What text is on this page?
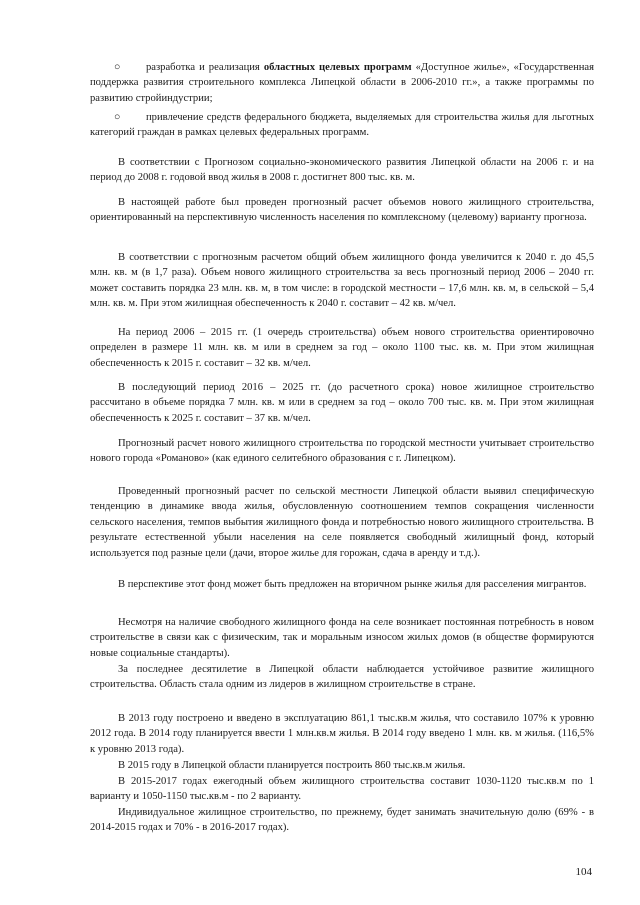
○ разработка и реализация областных целевых программ «Доступное жилье», «Государственная поддержка развития строительного комплекса Липецкой области в 2006-2010 гг.», а также программы по развитию стройиндустрии;

○ привлечение средств федерального бюджета, выделяемых для строительства жилья для льготных категорий граждан в рамках целевых федеральных программ.

В соответствии с Прогнозом социально-экономического развития Липецкой области на 2006 г. и на период до 2008 г. годовой ввод жилья в 2008 г. достигнет 800 тыс. кв. м.

В настоящей работе был проведен прогнозный расчет объемов нового жилищного строительства, ориентированный на перспективную численность населения по комплексному (целевому) варианту прогноза.

В соответствии с прогнозным расчетом общий объем жилищного фонда увеличится к 2040 г. до 45,5 млн. кв. м (в 1,7 раза). Объем нового жилищного строительства за весь прогнозный период 2006 – 2040 гг. может составить порядка 23 млн. кв. м, в том числе: в городской местности – 17,6 млн. кв. м, в сельской – 5,4 млн. кв. м. При этом жилищная обеспеченность к 2040 г. составит – 42 кв. м/чел.

На период 2006 – 2015 гг. (1 очередь строительства) объем нового строительства ориентировочно определен в размере 11 млн. кв. м или в среднем за год – около 1100 тыс. кв. м. При этом жилищная обеспеченность к 2015 г. составит – 32 кв. м/чел.

В последующий период 2016 – 2025 гг. (до расчетного срока) новое жилищное строительство рассчитано в объеме порядка 7 млн. кв. м или в среднем за год – около 700 тыс. кв. м. При этом жилищная обеспеченность к 2025 г. составит – 37 кв. м/чел.

Прогнозный расчет нового жилищного строительства по городской местности учитывает строительство нового города «Романово» (как единого селитебного образования с г. Липецком).

Проведенный прогнозный расчет по сельской местности Липецкой области выявил специфическую тенденцию в динамике ввода жилья, обусловленную соотношением темпов сокращения численности сельского населения, темпов выбытия жилищного фонда и потребностью нового жилищного строительства. В результате естественной убыли населения на селе появляется свободный жилищный фонд, который используется под разные цели (дачи, второе жилье для горожан, сдача в аренду и т.д.).

В перспективе этот фонд может быть предложен на вторичном рынке жилья для расселения мигрантов.

Несмотря на наличие свободного жилищного фонда на селе возникает постоянная потребность в новом строительстве в связи как с физическим, так и моральным износом жилых домов (в обществе формируются новые социальные стандарты).

За последнее десятилетие в Липецкой области наблюдается устойчивое развитие жилищного строительства. Область стала одним из лидеров в жилищном строительстве в стране.

В 2013 году построено и введено в эксплуатацию 861,1 тыс.кв.м жилья, что составило 107% к уровню 2012 года. В 2014 году планируется ввести 1 млн.кв.м жилья. В 2014 году введено 1 млн. кв. м жилья. (116,5% к уровню 2013 года).

В 2015 году в Липецкой области планируется построить 860 тыс.кв.м жилья.

В 2015-2017 годах ежегодный объем жилищного строительства составит 1030-1120 тыс.кв.м по 1 варианту и 1050-1150 тыс.кв.м - по 2 варианту.

Индивидуальное жилищное строительство, по прежнему, будет занимать значительную долю (69% - в 2014-2015 годах и 70% - в 2016-2017 годах).

104
